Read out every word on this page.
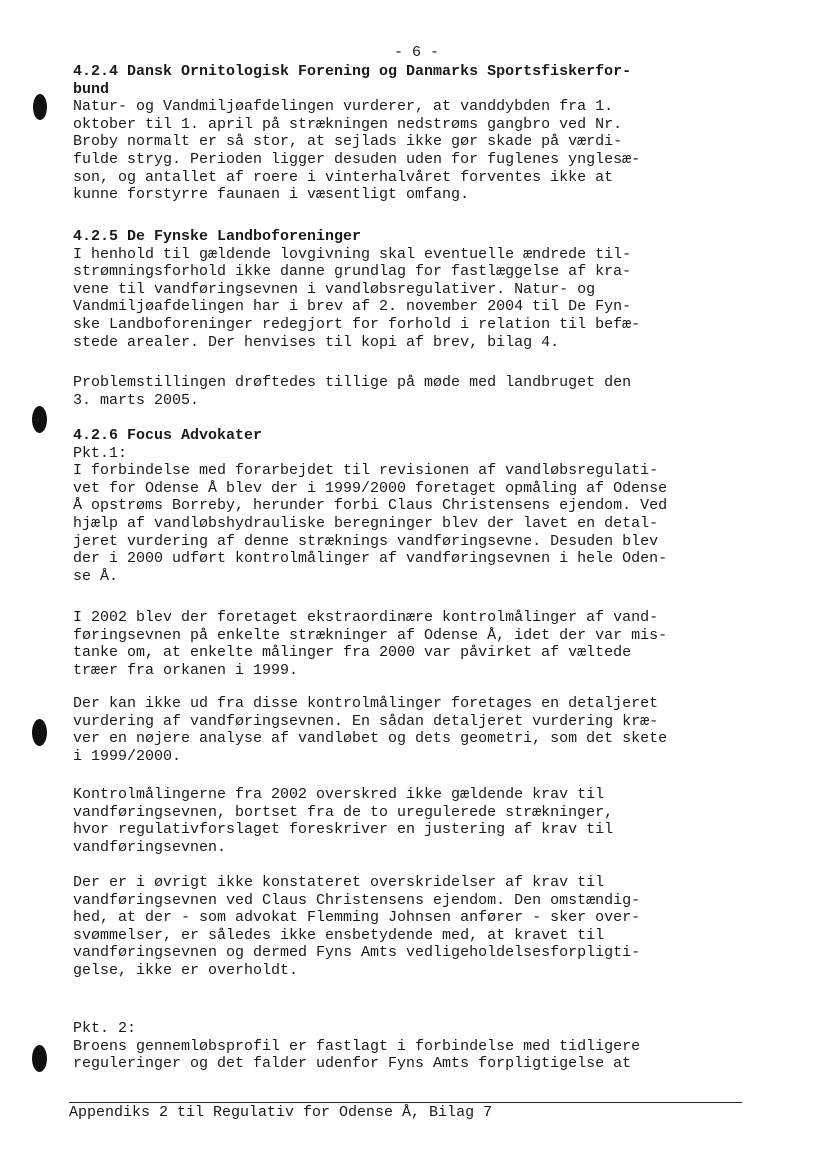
- 6 -
4.2.4 Dansk Ornitologisk Forening og Danmarks Sportsfiskerfor-
bund

Natur- og Vandmiljøafdelingen vurderer, at vanddybden fra 1.
oktober til 1. april på strækningen nedstrøms gangbro ved Nr.
Broby normalt er så stor, at sejlads ikke gør skade på værdi-
fulde stryg. Perioden ligger desuden uden for fuglenes ynglesæ-
son, og antallet af roere i vinterhalvåret forventes ikke at
kunne forstyrre faunaen i væsentligt omfang.

4.2.5 De Fynske Landboforeninger

I henhold til gældende lovgivning skal eventuelle ændrede til-
strømningsforhold ikke danne grundlag for fastlæggelse af kra-
vene til vandføringsevnen i vandløbsregulativer. Natur- og
Vandmiljøafdelingen har i brev af 2. november 2004 til De Fyn-
ske Landboforeninger redegjort for forhold i relation til befæ-
stede arealer. Der henvises til kopi af brev, bilag 4.

Problemstillingen drøftedes tillige på møde med landbruget den
3. marts 2005.

4.2.6 Focus Advokater

Pkt.1:
I forbindelse med forarbejdet til revisionen af vandløbsregulati-
vet for Odense Å blev der i 1999/2000 foretaget opmåling af Odense
Å opstrøms Borreby, herunder forbi Claus Christensens ejendom. Ved
hjælp af vandløbshydrauliske beregninger blev der lavet en detal-
jeret vurdering af denne stræknings vandføringsevne. Desuden blev
der i 2000 udført kontrolmålinger af vandføringsevnen i hele Oden-
se Å.

I 2002 blev der foretaget ekstraordinære kontrolmålinger af vand-
føringsevnen på enkelte strækninger af Odense Å, idet der var mis-
tanke om, at enkelte målinger fra 2000 var påvirket af væltede
træer fra orkanen i 1999.

Der kan ikke ud fra disse kontrolmålinger foretages en detaljeret
vurdering af vandføringsevnen. En sådan detaljeret vurdering kræ-
ver en nøjere analyse af vandløbet og dets geometri, som det skete
i 1999/2000.

Kontrolmålingerne fra 2002 overskred ikke gældende krav til
vandføringsevnen, bortset fra de to uregulerede strækninger,
hvor regulativforslaget foreskriver en justering af krav til
vandføringsevnen.

Der er i øvrigt ikke konstateret overskridelser af krav til
vandføringsevnen ved Claus Christensens ejendom. Den omstændig-
hed, at der - som advokat Flemming Johnsen anfører - sker over-
svømmelser, er således ikke ensbetydende med, at kravet til
vandføringsevnen og dermed Fyns Amts vedligeholdelsesforpligti-
gelse, ikke er overholdt.

Pkt. 2:
Broens gennemløbsprofil er fastlagt i forbindelse med tidligere
reguleringer og det falder udenfor Fyns Amts forpligtigelse at

Appendiks 2 til Regulativ for Odense Å, Bilag 7
